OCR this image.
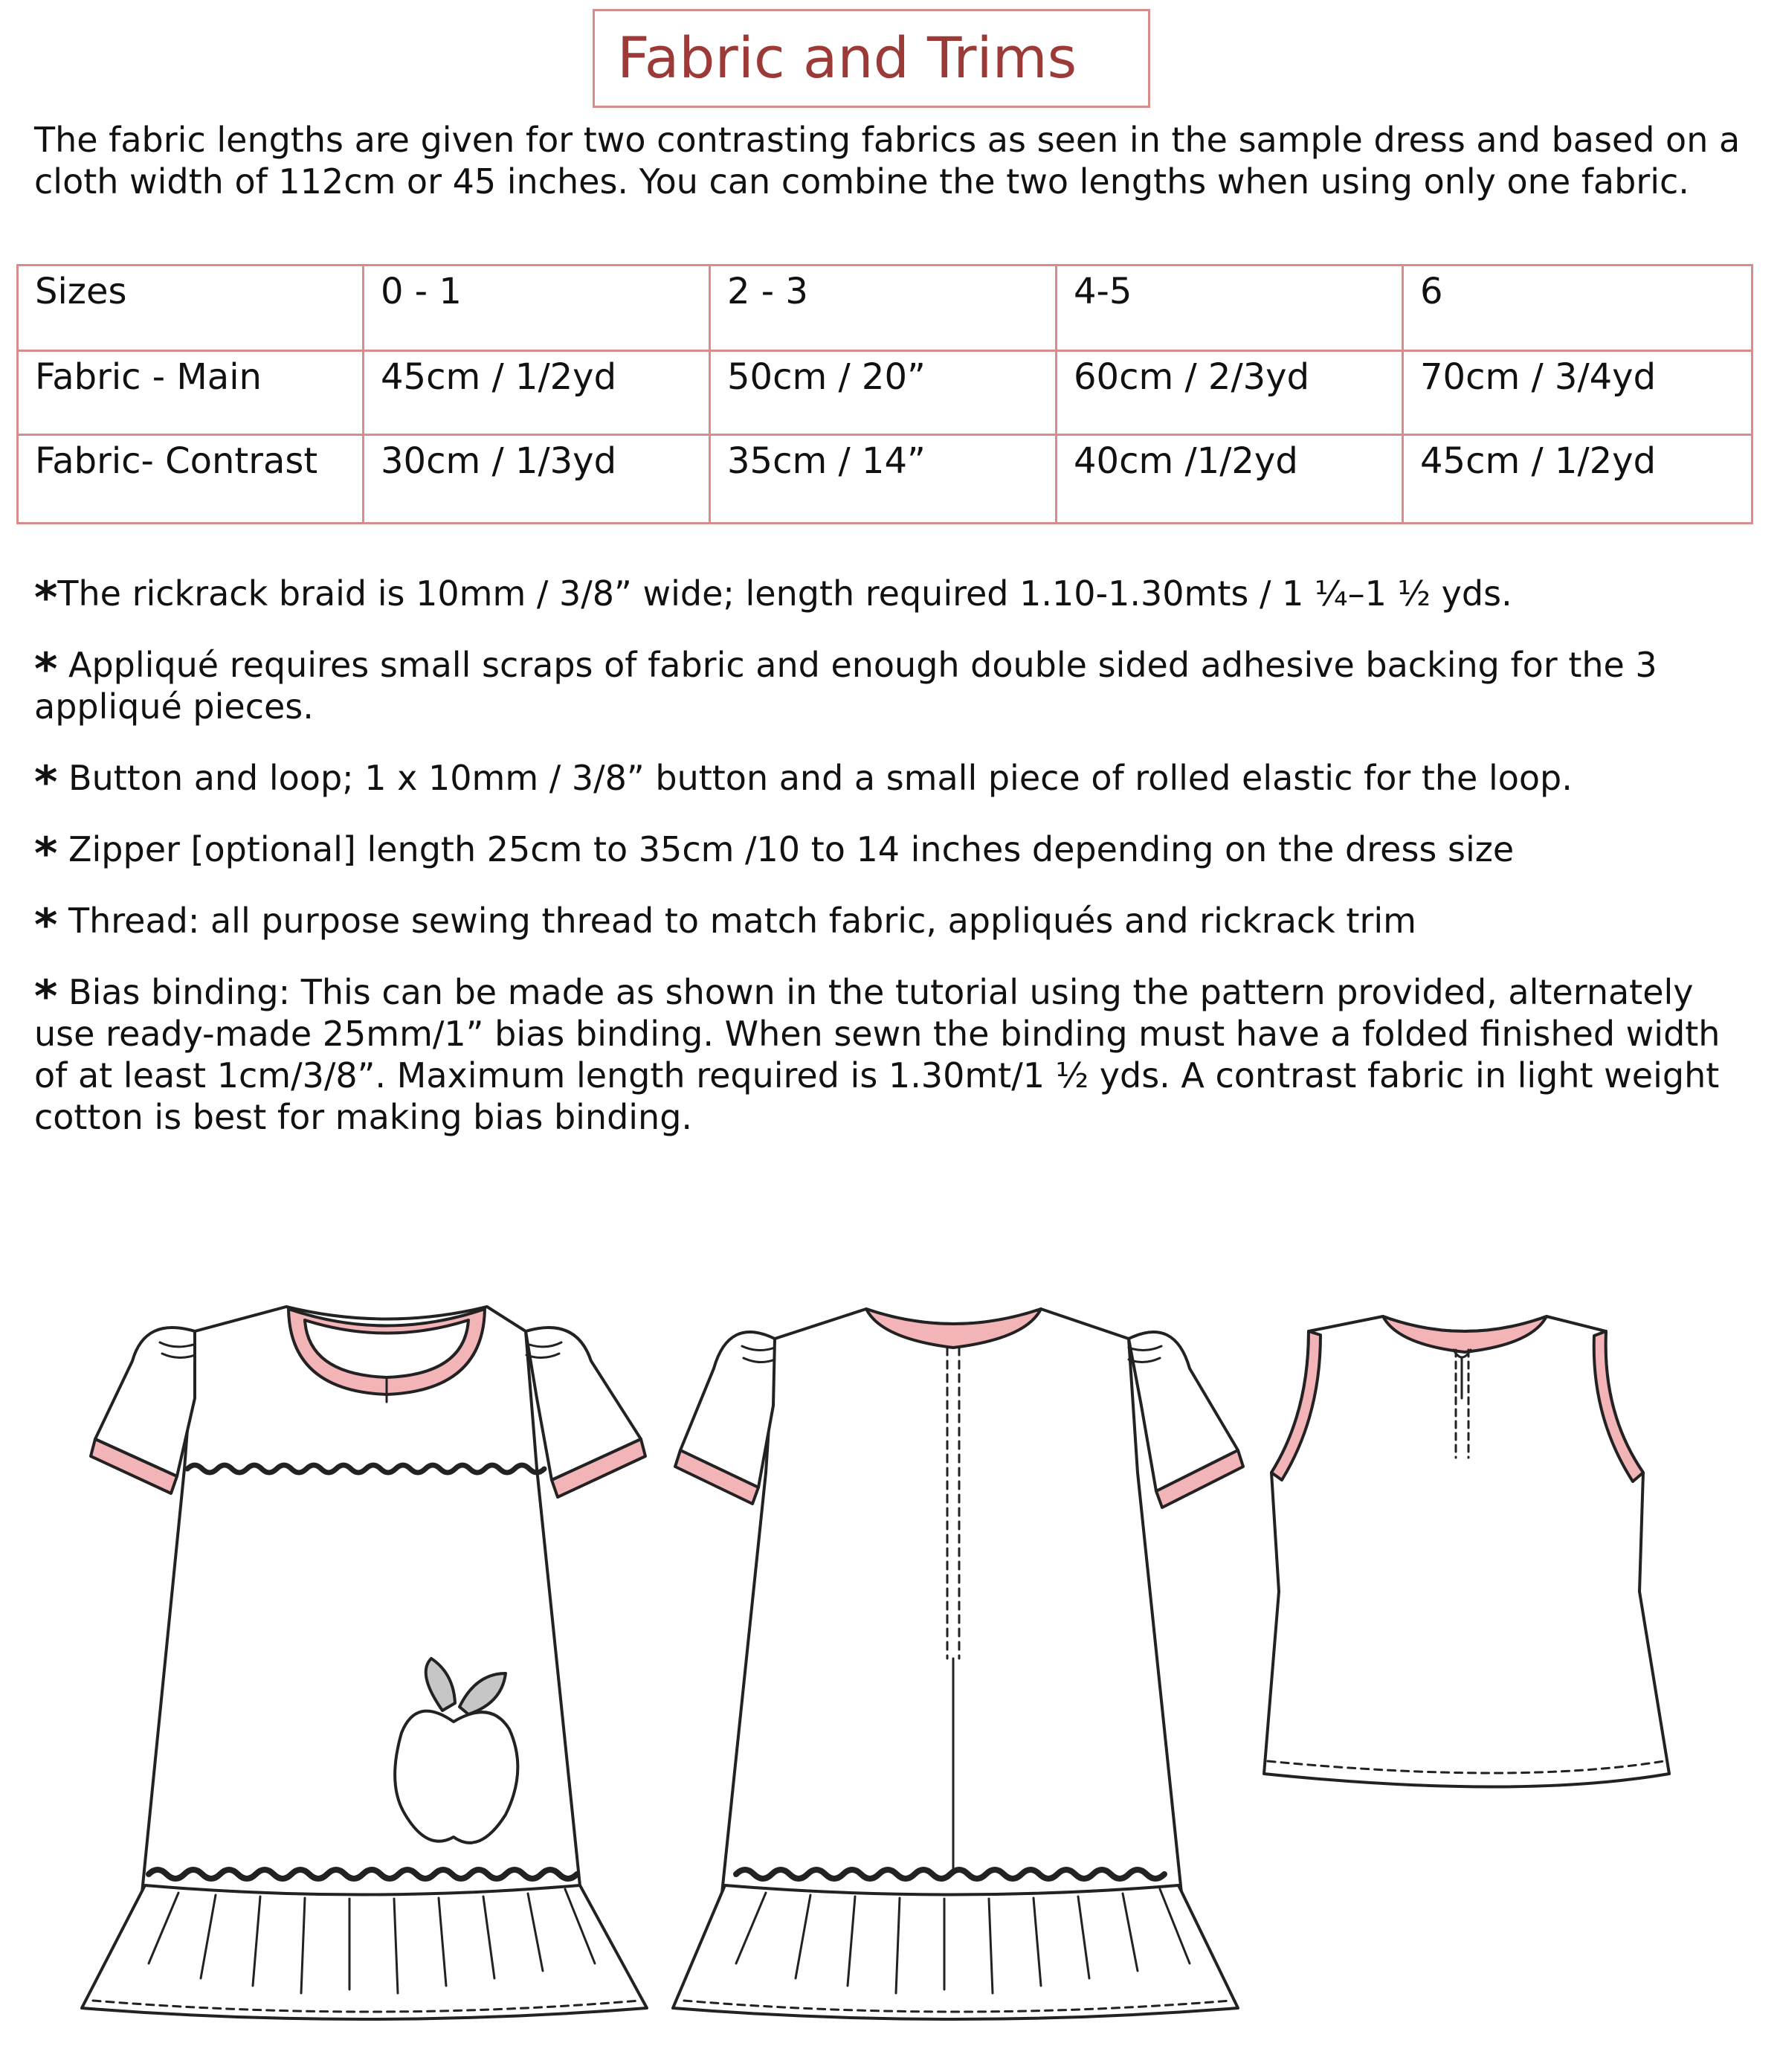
Fabric and Trims
The fabric lengths are given for two contrasting fabrics as seen in the sample dress and based on a cloth width of 112cm or 45 inches. You can combine the two lengths when using only one fabric.
Sizes	0 - 1	2 - 3	4-5	6
Fabric - Main	45cm / 1/2yd	50cm / 20”	60cm / 2/3yd	70cm / 3/4yd
Fabric- Contrast	30cm / 1/3yd	35cm / 14”	40cm /1/2yd	45cm / 1/2yd
*The rickrack braid is 10mm / 3/8” wide; length required 1.10-1.30mts / 1 ¼–1 ½ yds.
* Appliqué requires small scraps of fabric and enough double sided adhesive backing for the 3 appliqué pieces.
* Button and loop; 1 x 10mm / 3/8” button and a small piece of rolled elastic for the loop.
* Zipper [optional] length 25cm to 35cm /10 to 14 inches depending on the dress size
* Thread: all purpose sewing thread to match fabric, appliqués and rickrack trim
* Bias binding: This can be made as shown in the tutorial using the pattern provided, alternately use ready-made 25mm/1” bias binding. When sewn the binding must have a folded finished width of at least 1cm/3/8”. Maximum length required is 1.30mt/1 ½ yds. A contrast fabric in light weight cotton is best for making bias binding.
